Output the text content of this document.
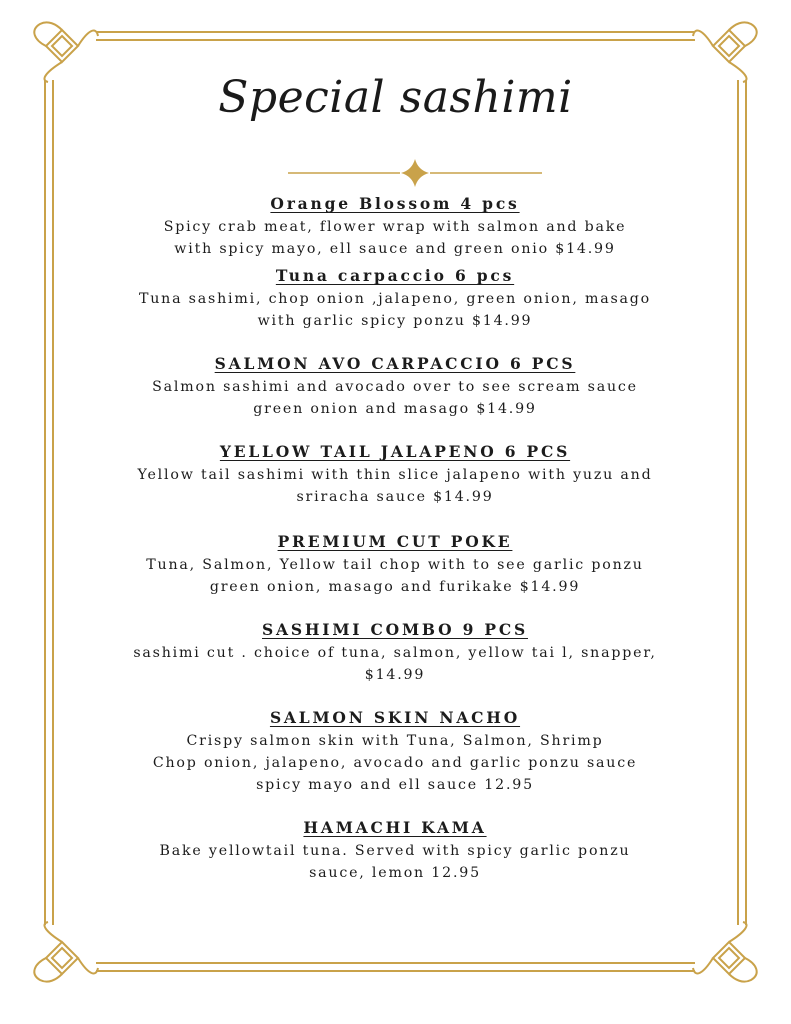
Special sashimi

Orange Blossom 4 pcs

Spicy crab meat, flower wrap with salmon and bake
with spicy mayo, ell sauce and green onio $14.99

Tuna carpaccio 6 pcs

Tuna sashimi, chop onion ,jalapeno, green onion, masago
with garlic spicy ponzu $14.99

SALMON AVO CARPACCIO 6 PCS

Salmon sashimi and avocado over to see scream sauce
green onion and masago $14.99

YELLOW TAIL JALAPENO 6 PCS

Yellow tail sashimi with thin slice jalapeno with yuzu and
sriracha sauce $14.99

PREMIUM CUT POKE

Tuna, Salmon, Yellow tail chop with to see garlic ponzu
green onion, masago and furikake $14.99

SASHIMI COMBO 9 PCS

sashimi cut . choice of tuna, salmon, yellow tai l, snapper,
$14.99

SALMON SKIN NACHO

Crispy salmon skin with Tuna, Salmon, Shrimp
Chop onion, jalapeno, avocado and garlic ponzu sauce
spicy mayo and ell sauce 12.95

HAMACHI KAMA

Bake yellowtail tuna. Served with spicy garlic ponzu
sauce, lemon 12.95
